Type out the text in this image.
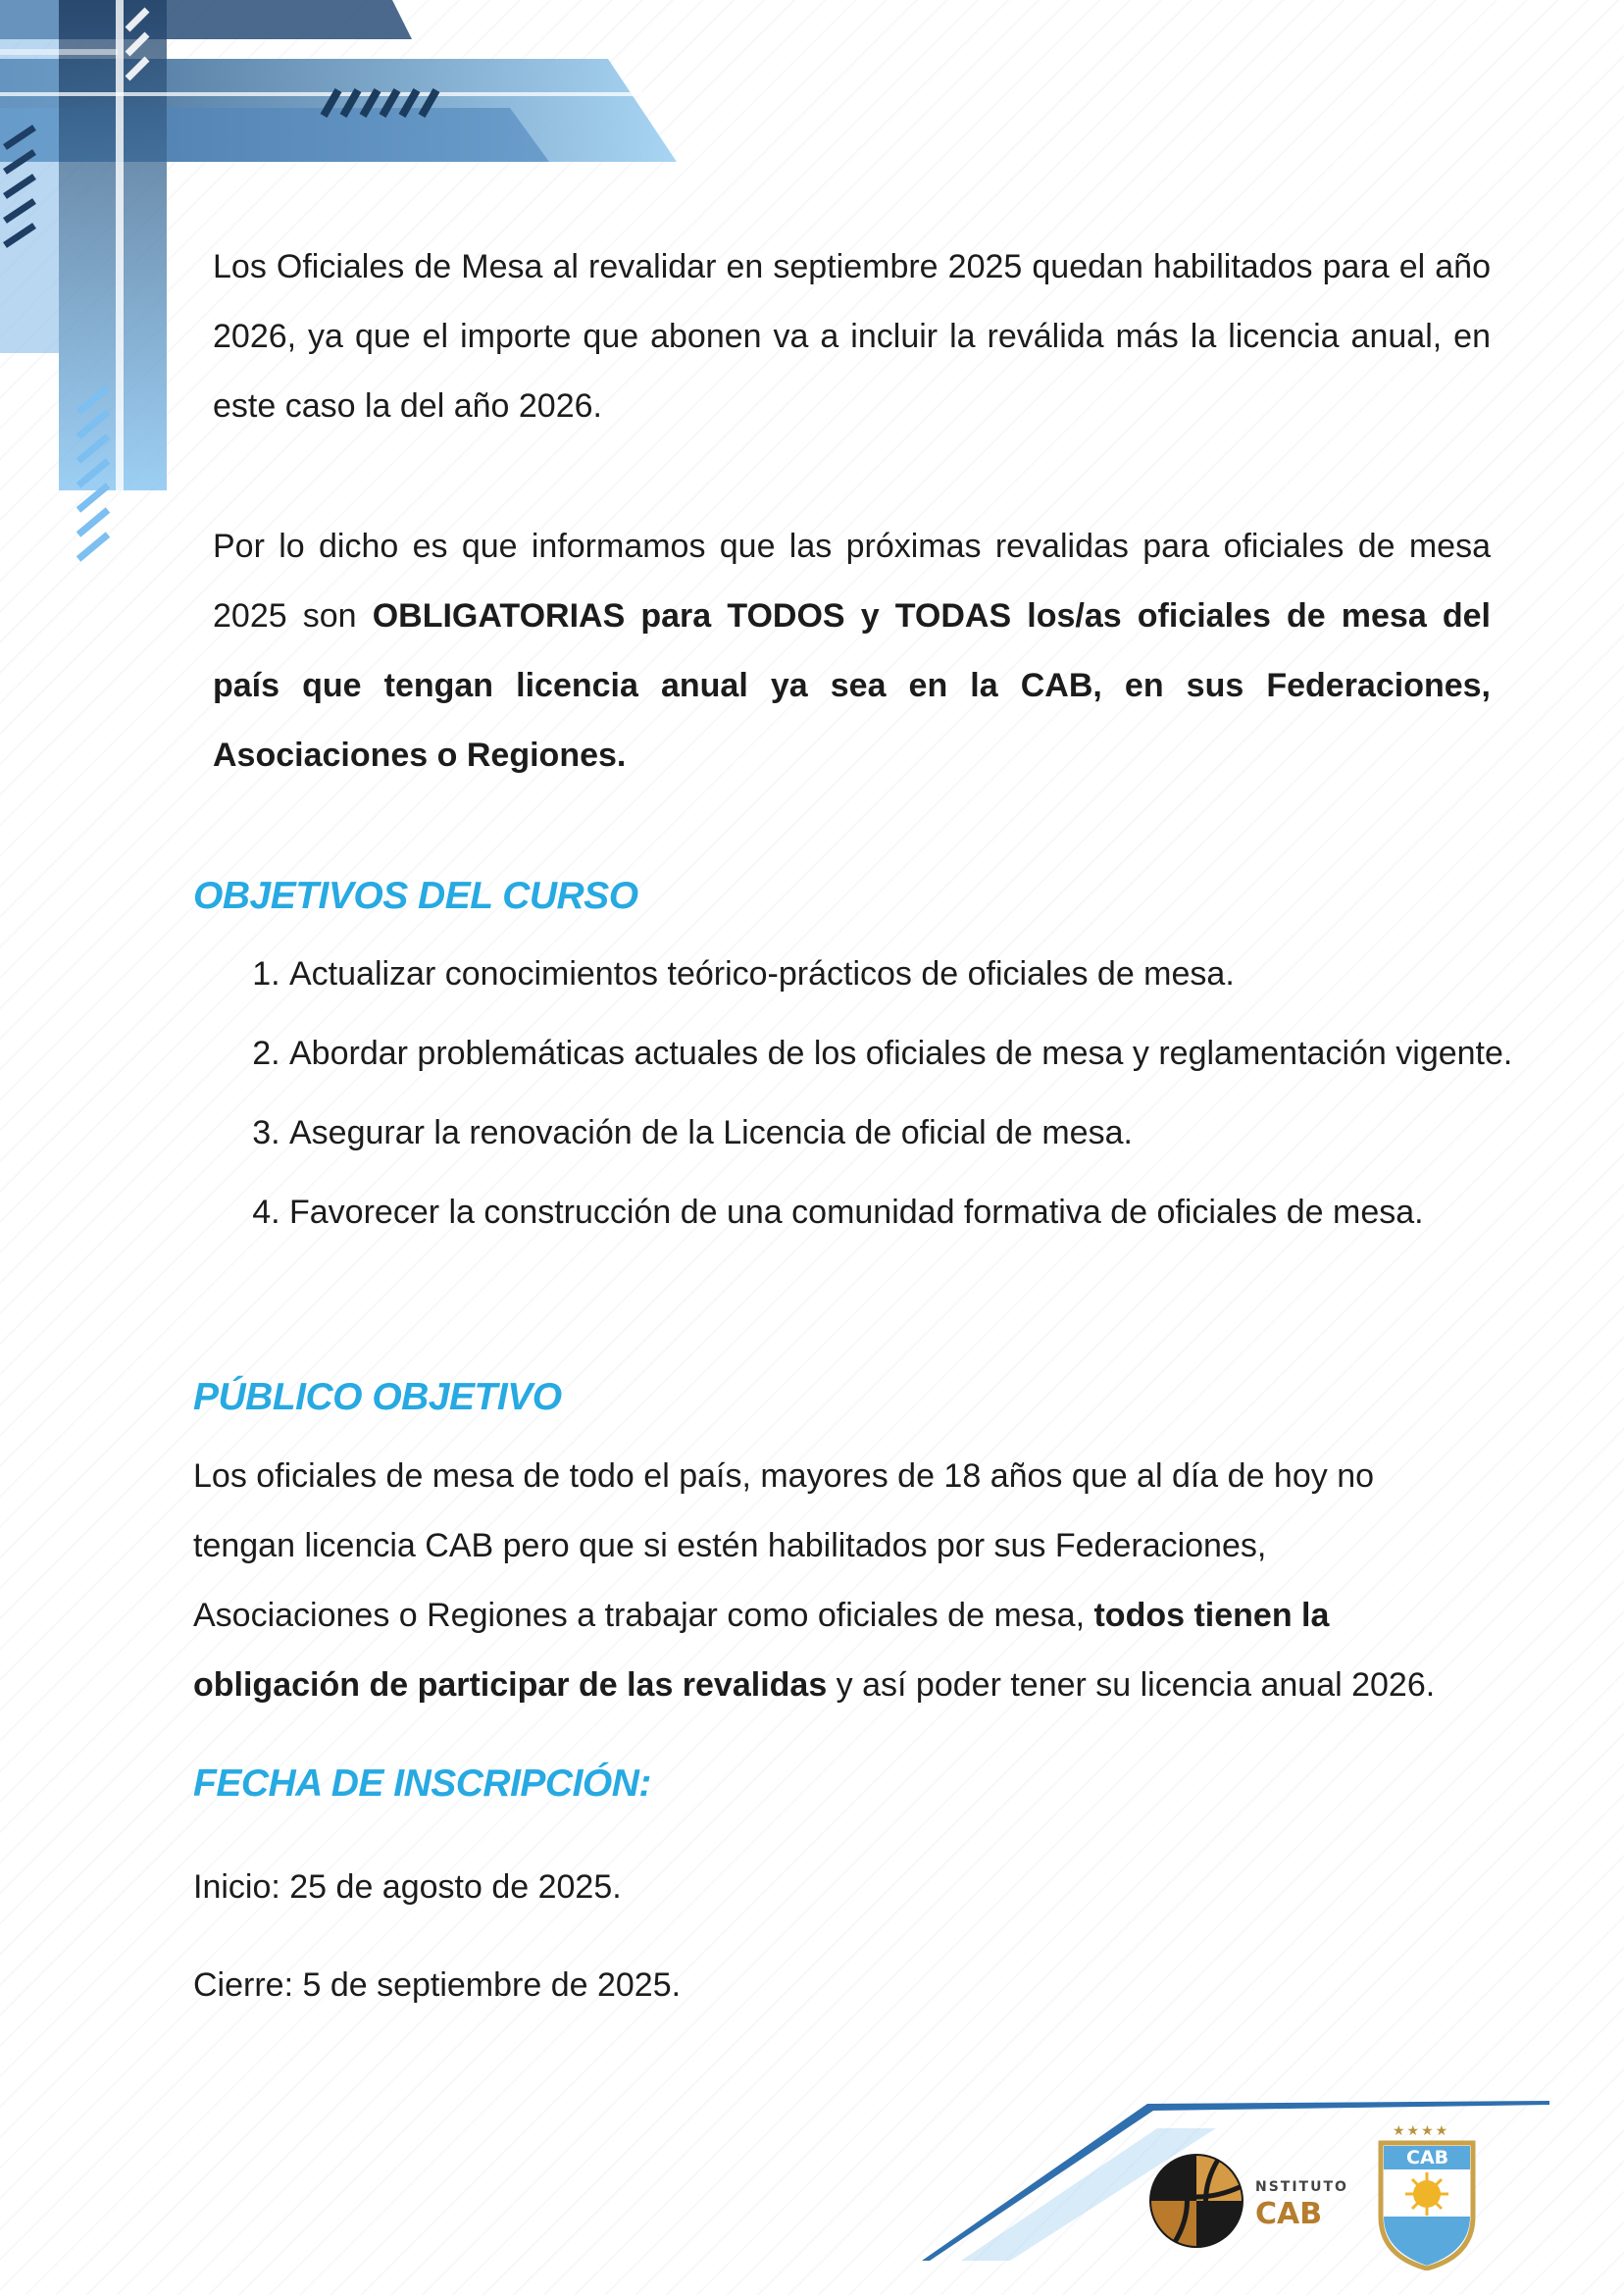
Los Oficiales de Mesa al revalidar en septiembre 2025 quedan habilitados para el año 2026, ya que el importe que abonen va a incluir la reválida más la licencia anual, en este caso la del año 2026.

Por lo dicho es que informamos que las próximas revalidas para oficiales de mesa 2025 son OBLIGATORIAS para TODOS y TODAS los/as oficiales de mesa del país que tengan licencia anual ya sea en la CAB, en sus Federaciones, Asociaciones o Regiones.

OBJETIVOS DEL CURSO
1. Actualizar conocimientos teórico-prácticos de oficiales de mesa.
2. Abordar problemáticas actuales de los oficiales de mesa y reglamentación vigente.
3. Asegurar la renovación de la Licencia de oficial de mesa.
4. Favorecer la construcción de una comunidad formativa de oficiales de mesa.
PÚBLICO OBJETIVO

Los oficiales de mesa de todo el país, mayores de 18 años que al día de hoy no tengan licencia CAB pero que si estén habilitados por sus Federaciones, Asociaciones o Regiones a trabajar como oficiales de mesa, todos tienen la obligación de participar de las revalidas y así poder tener su licencia anual 2026.

FECHA DE INSCRIPCIÓN:

Inicio: 25 de agosto de 2025.

Cierre: 5 de septiembre de 2025.

NSTITUTO
CAB
★★★★
CAB
